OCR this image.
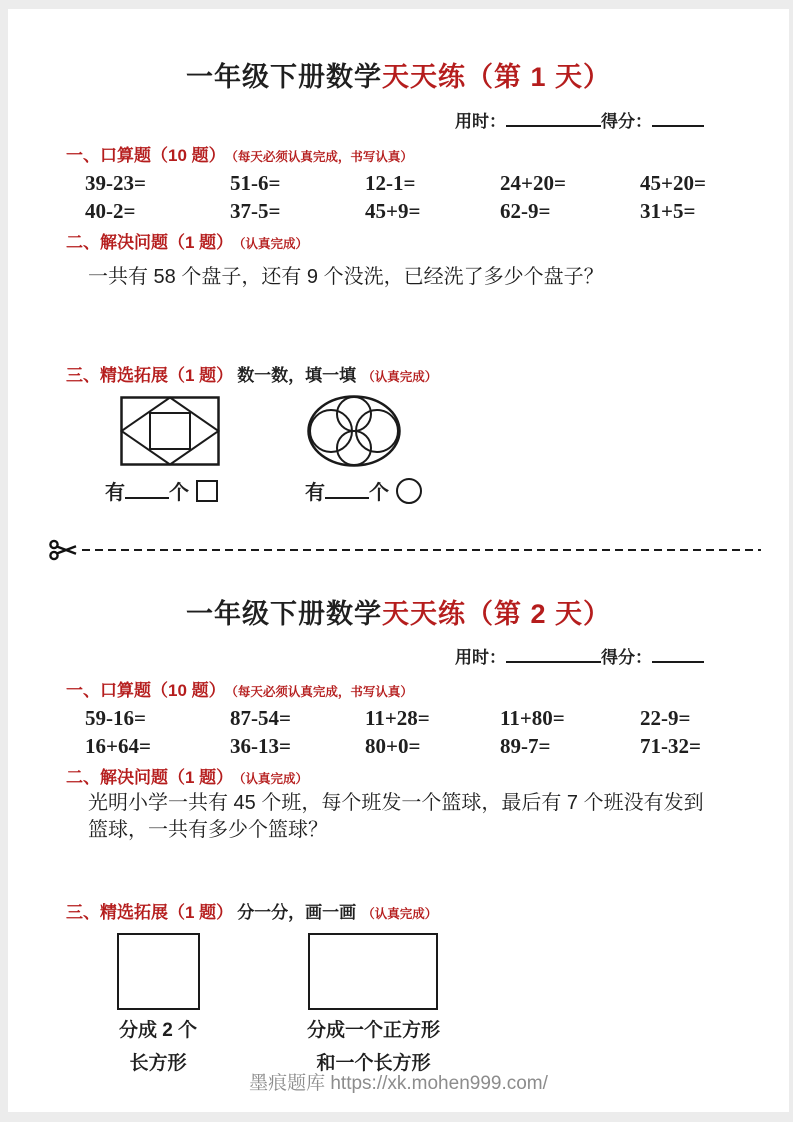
一年级下册数学天天练（第 1 天）
用时：	得分：
一、口算题（10 题） （每天必须认真完成，书写认真）
39-23=	51-6=	12-1=	24+20=	45+20=
40-2=	37-5=	45+9=	62-9=	31+5=
二、解决问题（1 题） （认真完成）
一共有 58 个盘子，还有 9 个没洗，已经洗了多少个盘子？
三、精选拓展（1 题） 数一数，填一填 （认真完成）
有 个	有 个
一年级下册数学天天练（第 2 天）
用时：	得分：
一、口算题（10 题） （每天必须认真完成，书写认真）
59-16=	87-54=	11+28=	11+80=	22-9=
16+64=	36-13=	80+0=	89-7=	71-32=
二、解决问题（1 题） （认真完成）
光明小学一共有 45 个班，每个班发一个篮球，最后有 7 个班没有发到篮球，一共有多少个篮球？
三、精选拓展（1 题） 分一分，画一画 （认真完成）
分成 2 个
长方形
分成一个正方形
和一个长方形
墨痕题库 https://xk.mohen999.com/
